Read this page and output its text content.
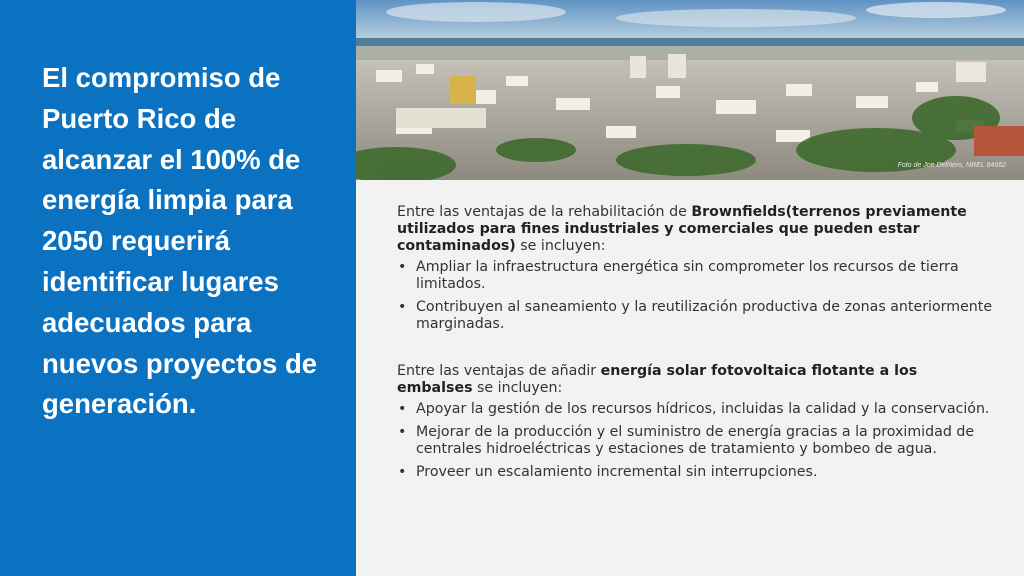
El compromiso de Puerto Rico de alcanzar el 100% de energía limpia para 2050 requerirá identificar lugares adecuados para nuevos proyectos de generación.

Foto de Joe DelNero, NREL 84662

Entre las ventajas de la rehabilitación de Brownfields(terrenos previamente utilizados para fines industriales y comerciales que pueden estar contaminados) se incluyen:

• Ampliar la infraestructura energética sin comprometer los recursos de tierra limitados.
• Contribuyen al saneamiento y la reutilización productiva de zonas anteriormente marginadas.

Entre las ventajas de añadir energía solar fotovoltaica flotante a los embalses se incluyen:

• Apoyar la gestión de los recursos hídricos, incluidas la calidad y la conservación.
• Mejorar de la producción y el suministro de energía gracias a la proximidad de centrales hidroeléctricas y estaciones de tratamiento y bombeo de agua.
• Proveer un escalamiento incremental sin interrupciones.
